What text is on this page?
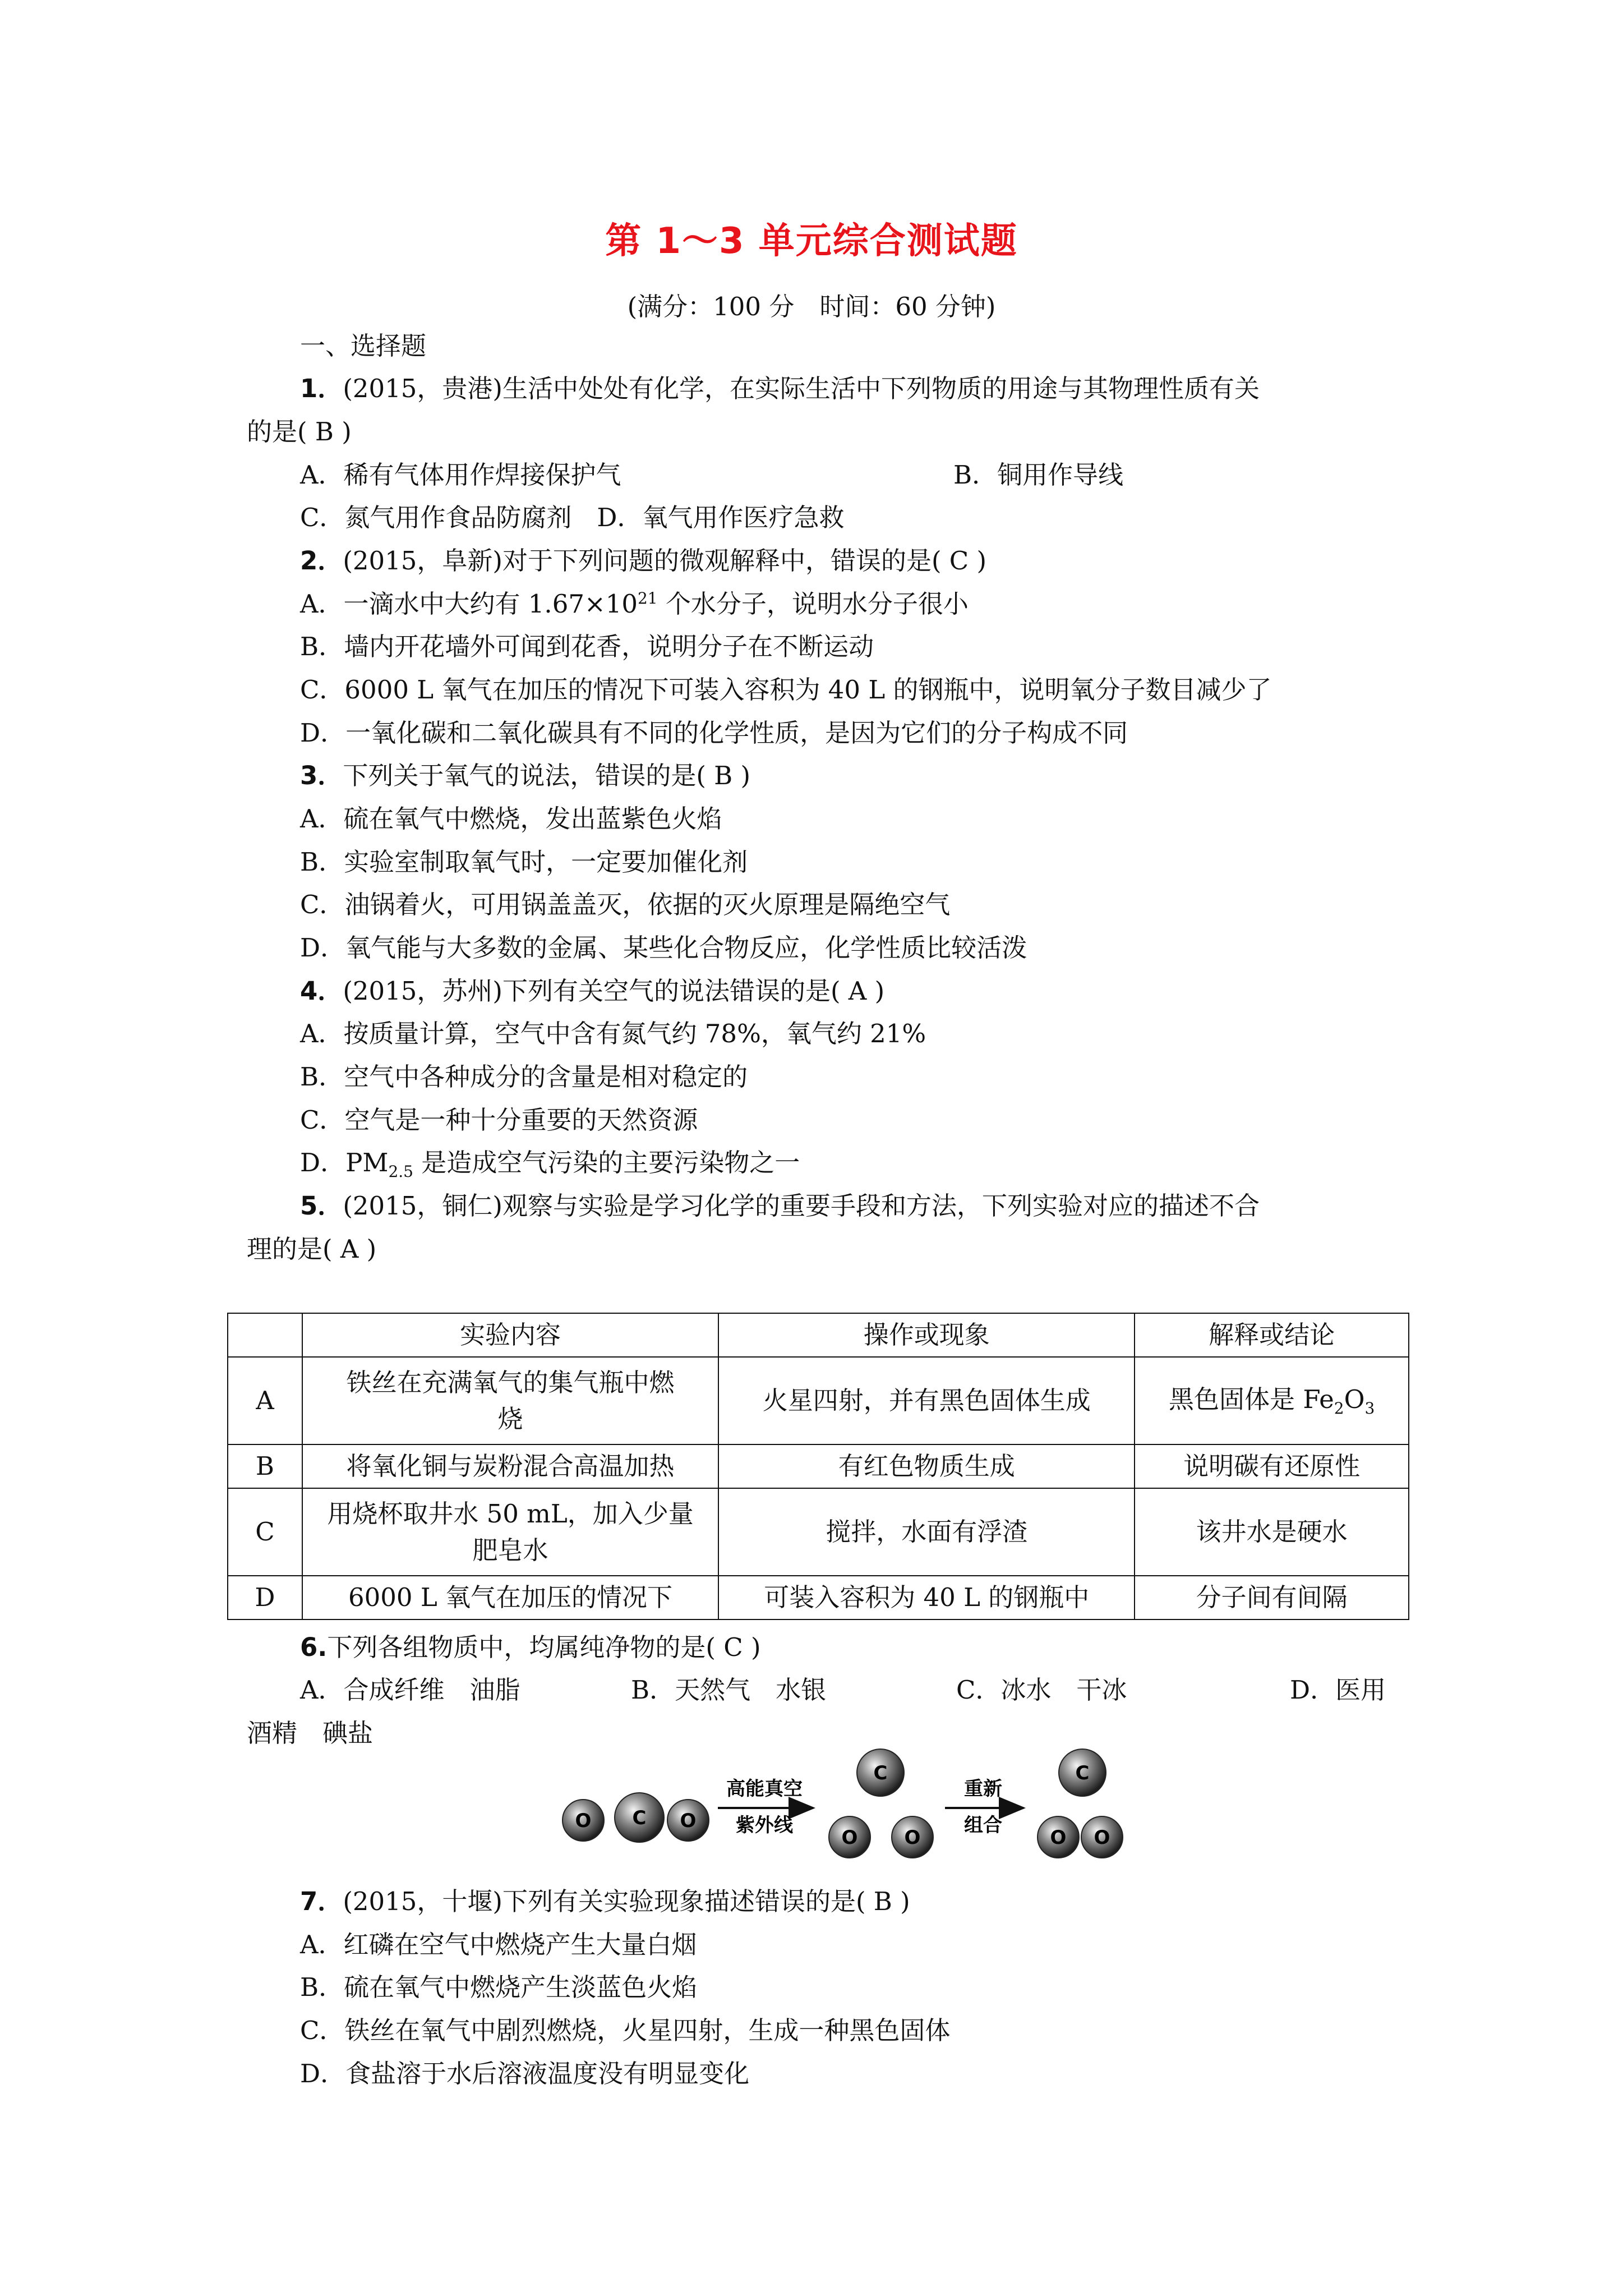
第 1～3 单元综合测试题
(满分：100 分　时间：60 分钟)
一、选择题
1．(2015，贵港)生活中处处有化学，在实际生活中下列物质的用途与其物理性质有关
的是( B )
A．稀有气体用作焊接保护气	B．铜用作导线
C．氮气用作食品防腐剂　D．氧气用作医疗急救
2．(2015，阜新)对于下列问题的微观解释中，错误的是( C )
A．一滴水中大约有 $1.67\times 10^{21}$ 个水分子，说明水分子很小
B．墙内开花墙外可闻到花香，说明分子在不断运动
C．6000 L 氧气在加压的情况下可装入容积为 40 L 的钢瓶中，说明氧分子数目减少了
D．一氧化碳和二氧化碳具有不同的化学性质，是因为它们的分子构成不同
3．下列关于氧气的说法，错误的是( B )
A．硫在氧气中燃烧，发出蓝紫色火焰
B．实验室制取氧气时，一定要加催化剂
C．油锅着火，可用锅盖盖灭，依据的灭火原理是隔绝空气
D．氧气能与大多数的金属、某些化合物反应，化学性质比较活泼
4．(2015，苏州)下列有关空气的说法错误的是( A )
A．按质量计算，空气中含有氮气约 78%，氧气约 21%
B．空气中各种成分的含量是相对稳定的
C．空气是一种十分重要的天然资源
D．$PM_{2.5}$ 是造成空气污染的主要污染物之一
5．(2015，铜仁)观察与实验是学习化学的重要手段和方法，下列实验对应的描述不合
理的是( A )
	实验内容	操作或现象	解释或结论
A	铁丝在充满氧气的集气瓶中燃
烧	火星四射，并有黑色固体生成	黑色固体是 $Fe_2O_3$
B	将氧化铜与炭粉混合高温加热	有红色物质生成	说明碳有还原性
C	用烧杯取井水 50 mL，加入少量
肥皂水	搅拌，水面有浮渣	该井水是硬水
D	6000 L 氧气在加压的情况下	可装入容积为 40 L 的钢瓶中	分子间有间隔
6.下列各组物质中，均属纯净物的是( C )
A．合成纤维　油脂	B．天然气　水银	C．冰水　干冰	D．医用
酒精　碘盐
O C O
高能真空
紫外线
C
O O
重新
组合
C
O O
7．(2015，十堰)下列有关实验现象描述错误的是( B )
A．红磷在空气中燃烧产生大量白烟
B．硫在氧气中燃烧产生淡蓝色火焰
C．铁丝在氧气中剧烈燃烧，火星四射，生成一种黑色固体
D．食盐溶于水后溶液温度没有明显变化
